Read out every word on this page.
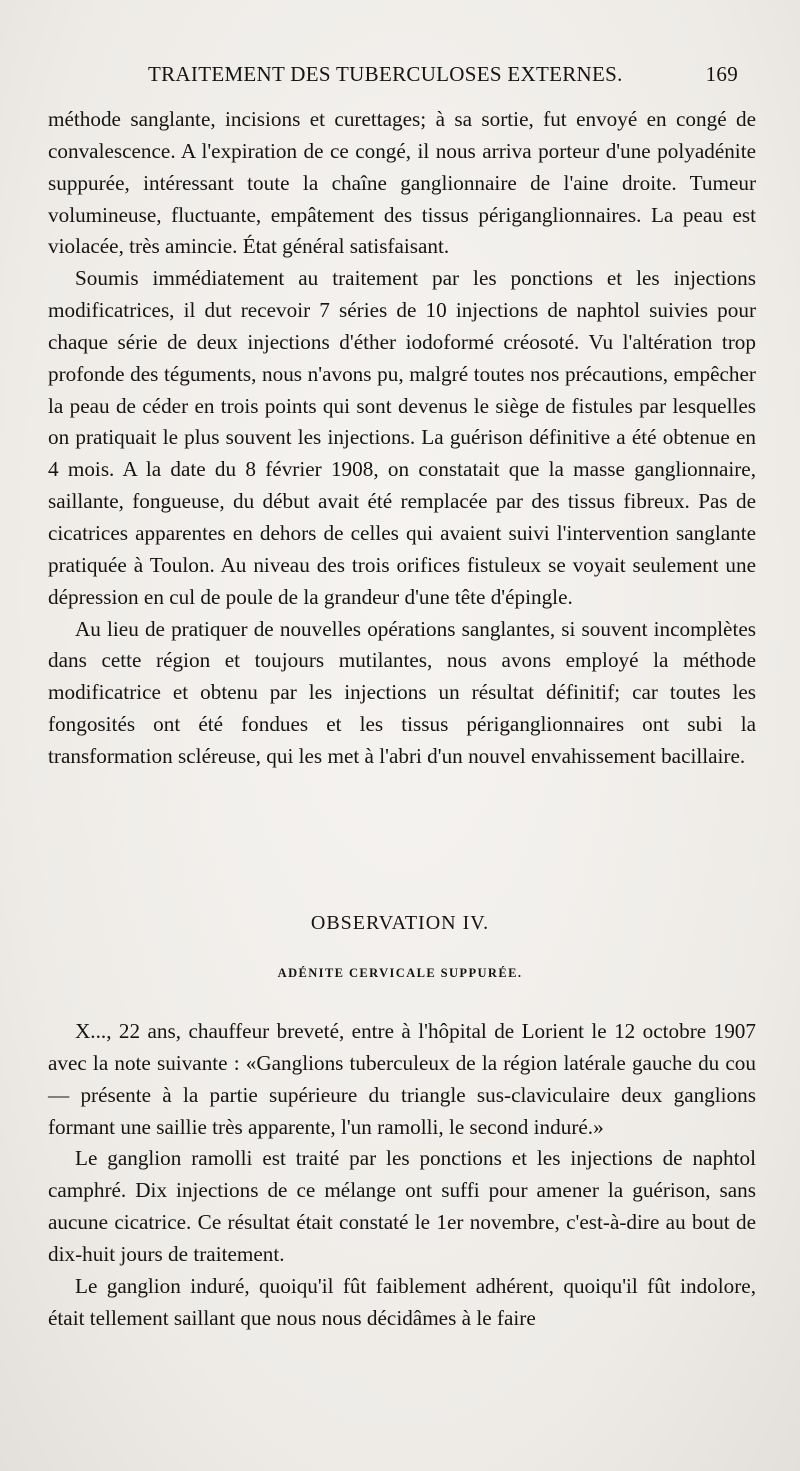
TRAITEMENT DES TUBERCULOSES EXTERNES.	169

méthode sanglante, incisions et curettages; à sa sortie, fut envoyé en congé de convalescence. A l'expiration de ce congé, il nous arriva porteur d'une polyadénite suppurée, intéressant toute la chaîne ganglionnaire de l'aine droite. Tumeur volumineuse, fluctuante, empâtement des tissus périganglionnaires. La peau est violacée, très amincie. État général satisfaisant.

Soumis immédiatement au traitement par les ponctions et les injections modificatrices, il dut recevoir 7 séries de 10 injections de naphtol suivies pour chaque série de deux injections d'éther iodoformé créosoté. Vu l'altération trop profonde des téguments, nous n'avons pu, malgré toutes nos précautions, empêcher la peau de céder en trois points qui sont devenus le siège de fistules par lesquelles on pratiquait le plus souvent les injections. La guérison définitive a été obtenue en 4 mois. A la date du 8 février 1908, on constatait que la masse ganglionnaire, saillante, fongueuse, du début avait été remplacée par des tissus fibreux. Pas de cicatrices apparentes en dehors de celles qui avaient suivi l'intervention sanglante pratiquée à Toulon. Au niveau des trois orifices fistuleux se voyait seulement une dépression en cul de poule de la grandeur d'une tête d'épingle.

Au lieu de pratiquer de nouvelles opérations sanglantes, si souvent incomplètes dans cette région et toujours mutilantes, nous avons employé la méthode modificatrice et obtenu par les injections un résultat définitif; car toutes les fongosités ont été fondues et les tissus périganglionnaires ont subi la transformation scléreuse, qui les met à l'abri d'un nouvel envahissement bacillaire.

OBSERVATION IV.
ADÉNITE CERVICALE SUPPURÉE.

X..., 22 ans, chauffeur breveté, entre à l'hôpital de Lorient le 12 octobre 1907 avec la note suivante : «Ganglions tuberculeux de la région latérale gauche du cou — présente à la partie supérieure du triangle sus-claviculaire deux ganglions formant une saillie très apparente, l'un ramolli, le second induré.»

Le ganglion ramolli est traité par les ponctions et les injections de naphtol camphré. Dix injections de ce mélange ont suffi pour amener la guérison, sans aucune cicatrice. Ce résultat était constaté le 1er novembre, c'est-à-dire au bout de dix-huit jours de traitement.

Le ganglion induré, quoiqu'il fût faiblement adhérent, quoiqu'il fût indolore, était tellement saillant que nous nous décidâmes à le faire
